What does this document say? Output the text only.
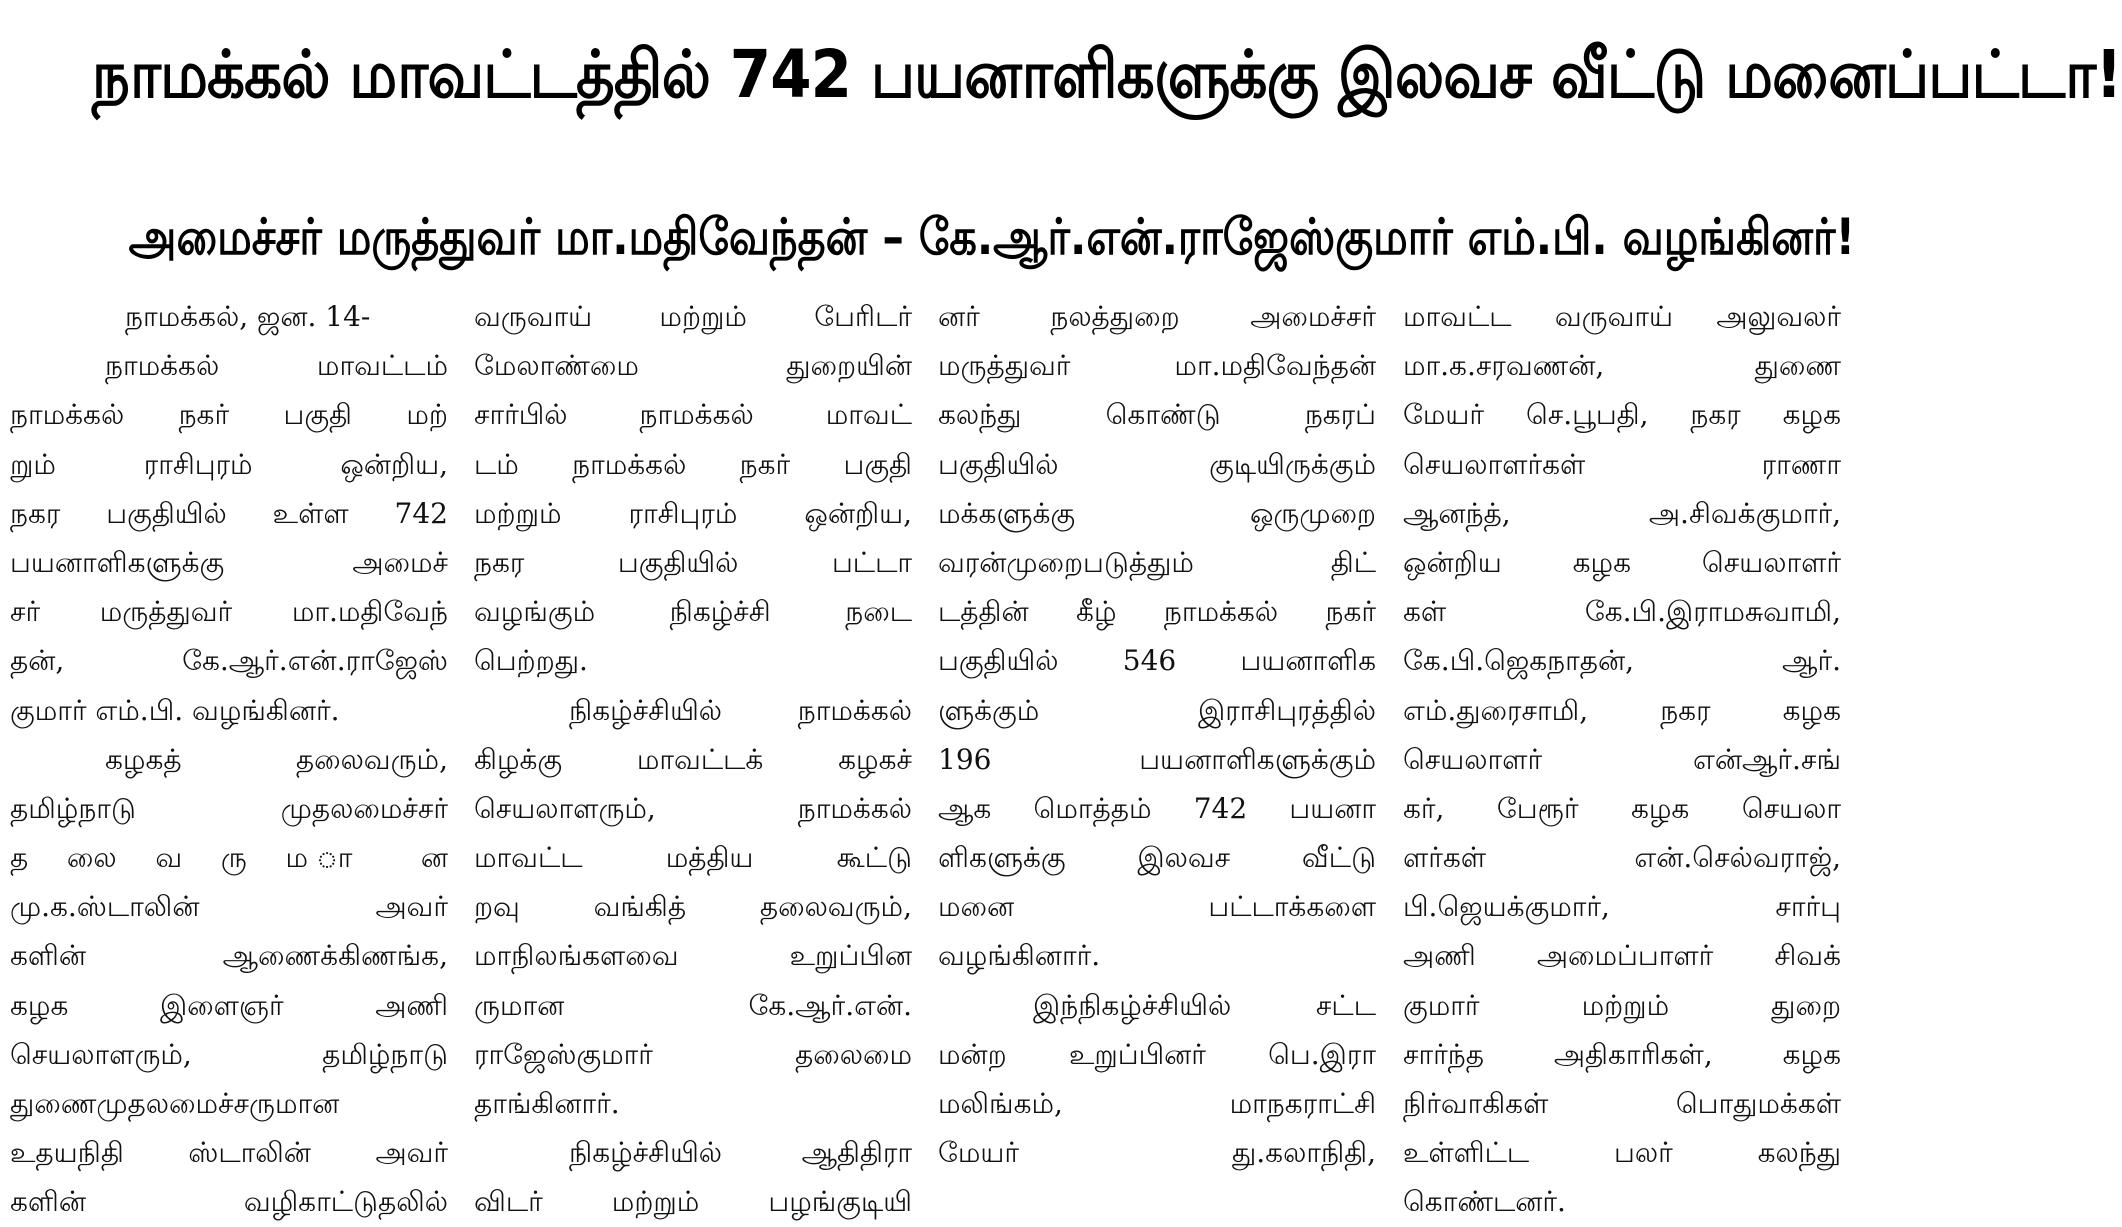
நாமக்கல் மாவட்டத்தில் 742 பயனாளிகளுக்கு இலவச வீட்டு மனைப்பட்டா!
அமைச்சர் மருத்துவர் மா.மதிவேந்தன் – கே.ஆர்.என்.ராஜேஸ்குமார் எம்.பி. வழங்கினர்!
நாமக்கல், ஜன. 14-
நாமக்கல் மாவட்டம்
நாமக்கல் நகர் பகுதி மற்
றும் ராசிபுரம் ஒன்றிய,
நகர பகுதியில் உள்ள 742
பயனாளிகளுக்கு அமைச்
சர் மருத்துவர் மா.மதிவேந்
தன், கே.ஆர்.என்.ராஜேஸ்
குமார் எம்.பி. வழங்கினர்.
கழகத் தலைவரும்,
தமிழ்நாடு முதலமைச்சர்
த லை வ ரு ம ா ன
மு.க.ஸ்டாலின் அவர்
களின் ஆணைக்கிணங்க,
கழக இளைஞர் அணி
செயலாளரும், தமிழ்நாடு
துணைமுதலமைச்சருமான
உதயநிதி ஸ்டாலின் அவர்
களின் வழிகாட்டுதலில்
வருவாய் மற்றும் பேரிடர்
மேலாண்மை துறையின்
சார்பில் நாமக்கல் மாவட்
டம் நாமக்கல் நகர் பகுதி
மற்றும் ராசிபுரம் ஒன்றிய,
நகர பகுதியில் பட்டா
வழங்கும் நிகழ்ச்சி நடை
பெற்றது.
நிகழ்ச்சியில் நாமக்கல்
கிழக்கு மாவட்டக் கழகச்
செயலாளரும், நாமக்கல்
மாவட்ட மத்திய கூட்டு
றவு வங்கித் தலைவரும்,
மாநிலங்களவை உறுப்பின
ருமான கே.ஆர்.என்.
ராஜேஸ்குமார் தலைமை
தாங்கினார்.
நிகழ்ச்சியில் ஆதிதிரா
விடர் மற்றும் பழங்குடியி
னர் நலத்துறை அமைச்சர்
மருத்துவர் மா.மதிவேந்தன்
கலந்து கொண்டு நகரப்
பகுதியில் குடியிருக்கும்
மக்களுக்கு ஒருமுறை
வரன்முறைபடுத்தும் திட்
டத்தின் கீழ் நாமக்கல் நகர்
பகுதியில் 546 பயனாளிக
ளுக்கும் இராசிபுரத்தில்
196 பயனாளிகளுக்கும்
ஆக மொத்தம் 742 பயனா
ளிகளுக்கு இலவச வீட்டு
மனை பட்டாக்களை
வழங்கினார்.
இந்நிகழ்ச்சியில் சட்ட
மன்ற உறுப்பினர் பெ.இரா
மலிங்கம், மாநகராட்சி
மேயர் து.கலாநிதி,
மாவட்ட வருவாய் அலுவலர்
மா.க.சரவணன், துணை
மேயர் செ.பூபதி, நகர கழக
செயலாளர்கள் ராணா
ஆனந்த், அ.சிவக்குமார்,
ஒன்றிய கழக செயலாளர்
கள் கே.பி.இராமசுவாமி,
கே.பி.ஜெகநாதன், ஆர்.
எம்.துரைசாமி, நகர கழக
செயலாளர் என்ஆர்.சங்
கர், பேரூர் கழக செயலா
ளர்கள் என்.செல்வராஜ்,
பி.ஜெயக்குமார், சார்பு
அணி அமைப்பாளர் சிவக்
குமார் மற்றும் துறை
சார்ந்த அதிகாரிகள், கழக
நிர்வாகிகள் பொதுமக்கள்
உள்ளிட்ட பலர் கலந்து
கொண்டனர்.
